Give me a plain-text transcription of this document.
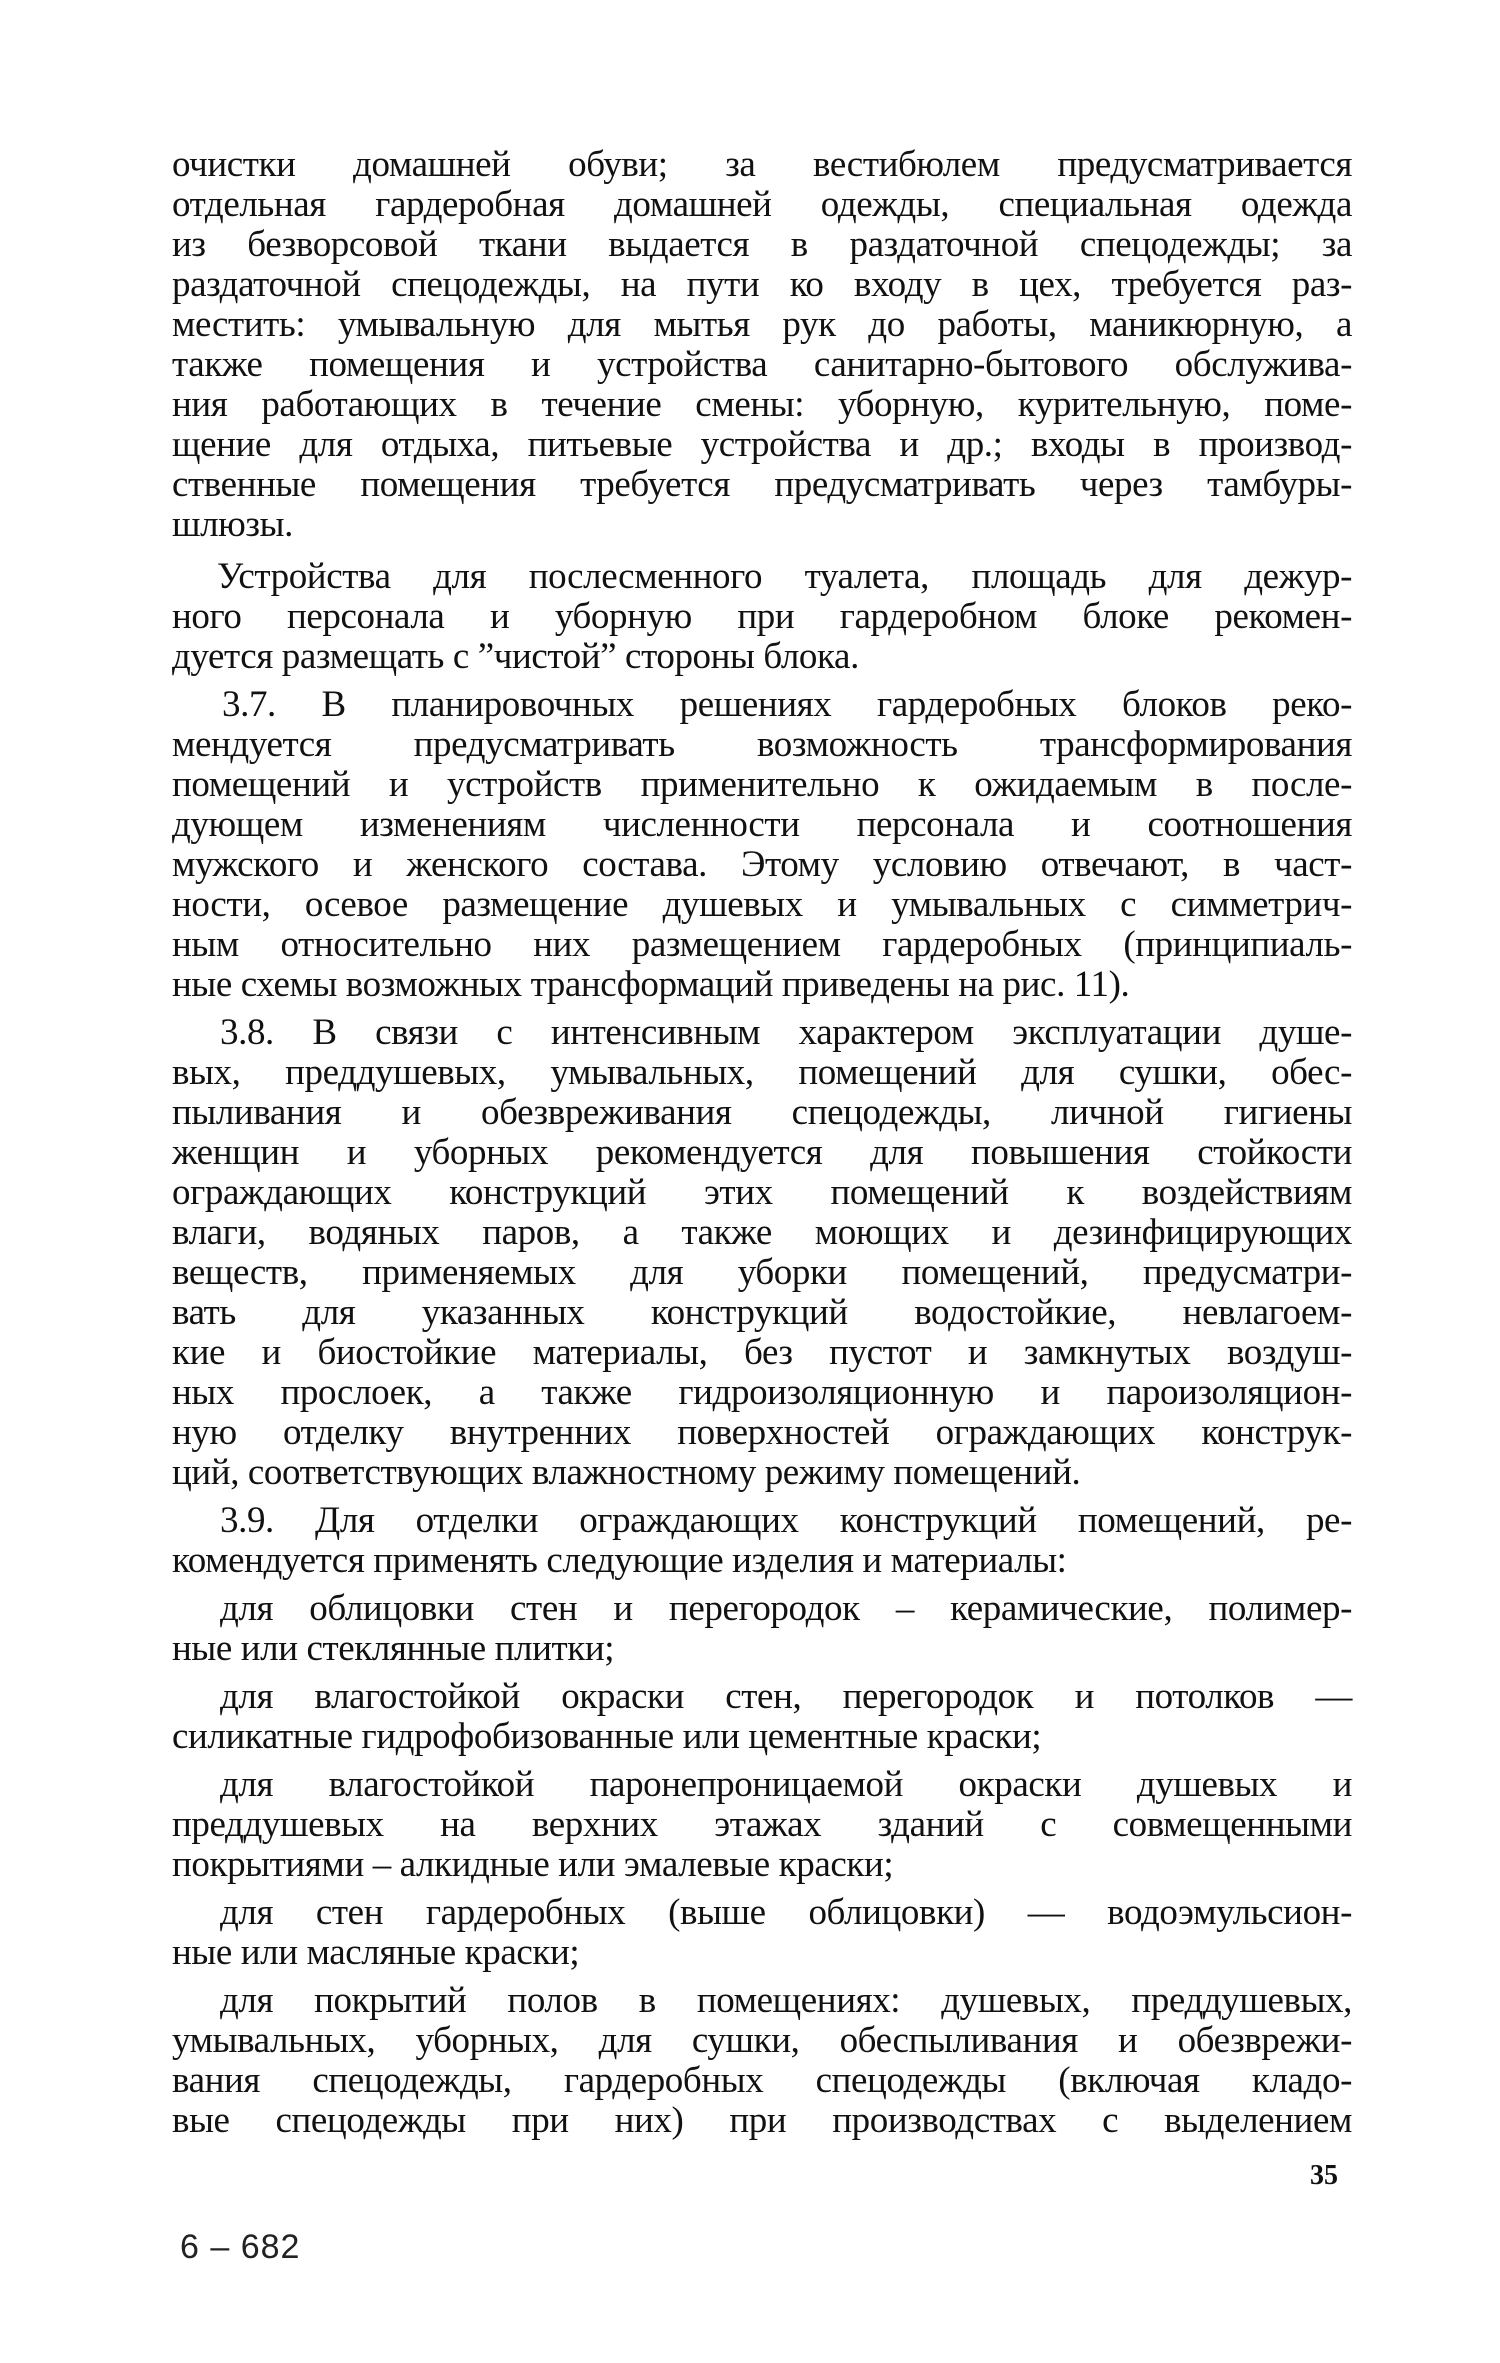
очистки домашней обуви; за вестибюлем предусматривается
отдельная гардеробная домашней одежды, специальная одежда
из безворсовой ткани выдается в раздаточной спецодежды; за
раздаточной спецодежды, на пути ко входу в цех, требуется раз-
местить: умывальную для мытья рук до работы, маникюрную, а
также помещения и устройства санитарно-бытового обслужива-
ния работающих в течение смены: уборную, курительную, поме-
щение для отдыха, питьевые устройства и др.; входы в производ-
ственные помещения требуется предусматривать через тамбуры-
шлюзы.
Устройства для послесменного туалета, площадь для дежур-
ного персонала и уборную при гардеробном блоке рекомен-
дуется размещать с ”чистой” стороны блока.
3.7. В планировочных решениях гардеробных блоков реко-
мендуется предусматривать возможность трансформирования
помещений и устройств применительно к ожидаемым в после-
дующем изменениям численности персонала и соотношения
мужского и женского состава. Этому условию отвечают, в част-
ности, осевое размещение душевых и умывальных с симметрич-
ным относительно них размещением гардеробных (принципиаль-
ные схемы возможных трансформаций приведены на рис. 11).
3.8. В связи с интенсивным характером эксплуатации душе-
вых, преддушевых, умывальных, помещений для сушки, обес-
пыливания и обезвреживания спецодежды, личной гигиены
женщин и уборных рекомендуется для повышения стойкости
ограждающих конструкций этих помещений к воздействиям
влаги, водяных паров, а также моющих и дезинфицирующих
веществ, применяемых для уборки помещений, предусматри-
вать для указанных конструкций водостойкие, невлагоем-
кие и биостойкие материалы, без пустот и замкнутых воздуш-
ных прослоек, а также гидроизоляционную и пароизоляцион-
ную отделку внутренних поверхностей ограждающих конструк-
ций, соответствующих влажностному режиму помещений.
3.9. Для отделки ограждающих конструкций помещений, ре-
комендуется применять следующие изделия и материалы:
для облицовки стен и перегородок – керамические, полимер-
ные или стеклянные плитки;
для влагостойкой окраски стен, перегородок и потолков —
силикатные гидрофобизованные или цементные краски;
для влагостойкой паронепроницаемой окраски душевых и
преддушевых на верхних этажах зданий с совмещенными
покрытиями – алкидные или эмалевые краски;
для стен гардеробных (выше облицовки) — водоэмульсион-
ные или масляные краски;
для покрытий полов в помещениях: душевых, преддушевых,
умывальных, уборных, для сушки, обеспыливания и обезврежи-
вания спецодежды, гардеробных спецодежды (включая кладо-
вые спецодежды при них) при производствах с выделением
35
6 – 682
